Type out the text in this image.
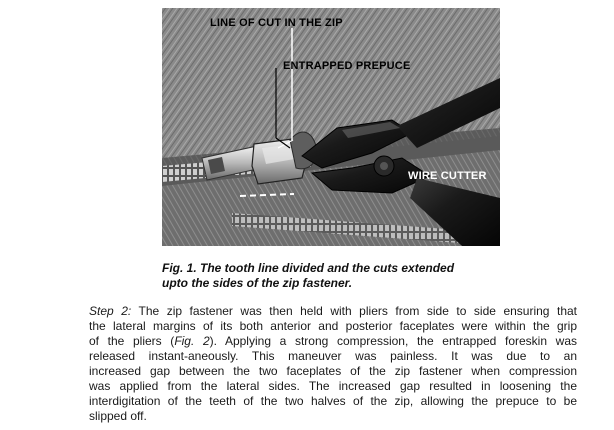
LINE OF CUT IN THE ZIP
ENTRAPPED PREPUCE
WIRE CUTTER
Fig. 1. The tooth line divided and the cuts extended
upto the sides of the zip fastener.
Step 2: The zip fastener was then held with pliers from side to side ensuring that
the lateral margins of its both anterior and posterior faceplates were within the grip
of the pliers (Fig. 2). Applying a strong compression, the entrapped foreskin was
released instant-aneously. This maneuver was painless. It was due to an
increased gap between the two faceplates of the zip fastener when compression
was applied from the lateral sides. The increased gap resulted in loosening the
interdigitation of the teeth of the two halves of the zip, allowing the prepuce to be
slipped off.
